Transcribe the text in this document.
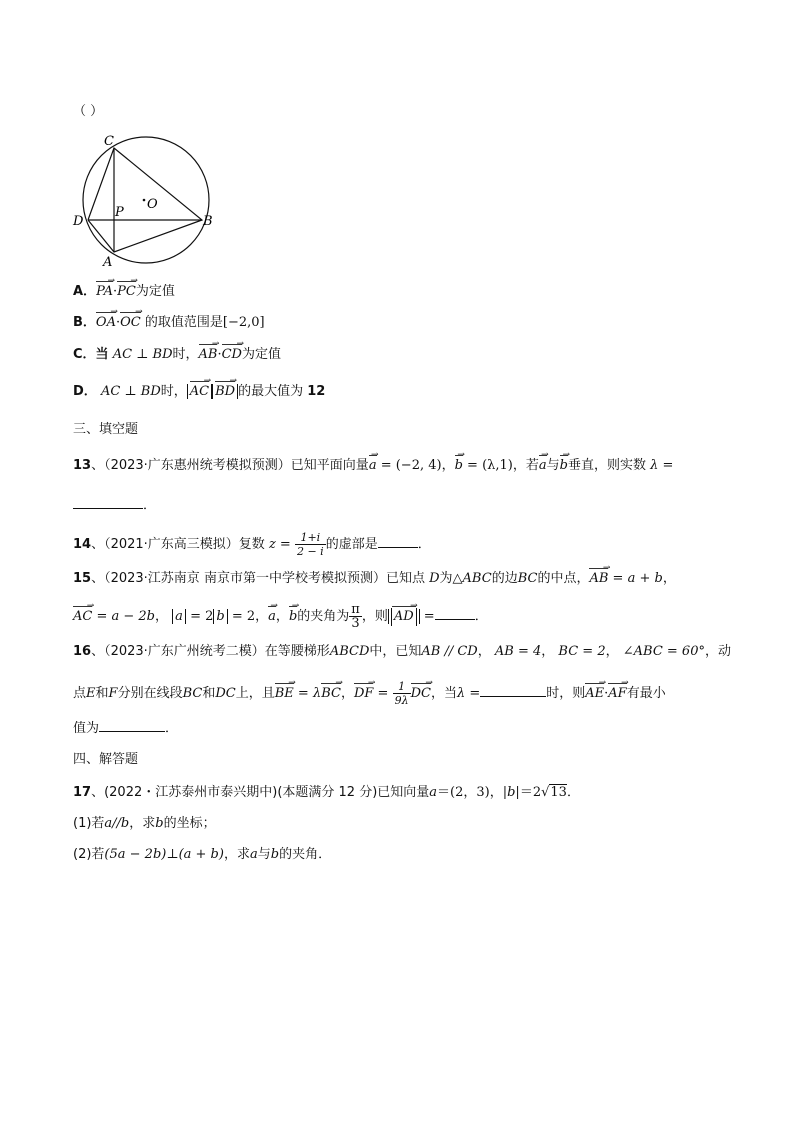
（ ）
C
O
D
P
B
A
A．PA →·PC →为定值
B．OA →·OC → 的取值范围是[−2,0]
C．当 AC ⊥ BD时，AB →·CD →为定值
D． AC ⊥ BD时， AC → BD → 的最大值为 12
三、填空题
13、（2023·广东惠州统考模拟预测）已知平面向量a → = (−2, 4)，b → = (λ,1)，若a →与b →垂直，则实数 λ =
．
14、（2021·广东高三模拟）复数 $z = \frac{1+i}{2 - i}$ 的虚部是	．
15、（2023·江苏南京 南京市第一中学校考模拟预测）已知点 D为△ABC的边BC的中点，AB → = a + b，
AC → = a − 2b， a = 2 b = 2，a →，b →的夹角为 $\frac{\pi}{3}$ ，则 AD → =	．
16、（2023·广东广州统考二模）在等腰梯形ABCD中，已知AB // CD， AB = 4， BC = 2， ∠ABC = 60°，动
点E和F分别在线段BC和DC上，且BE → = λBC →，DF → = $\frac{1}{9\lambda}$ DC →，当λ =	时，则AE →·AF →有最小
值为	．
四、解答题
17、(2022・江苏泰州市泰兴期中)(本题满分 12 分)已知向量a＝(2，3)，|b|＝2√13．
(1)若a//b，求b的坐标；
(2)若(5a − 2b)⊥(a + b)，求a与b的夹角．
